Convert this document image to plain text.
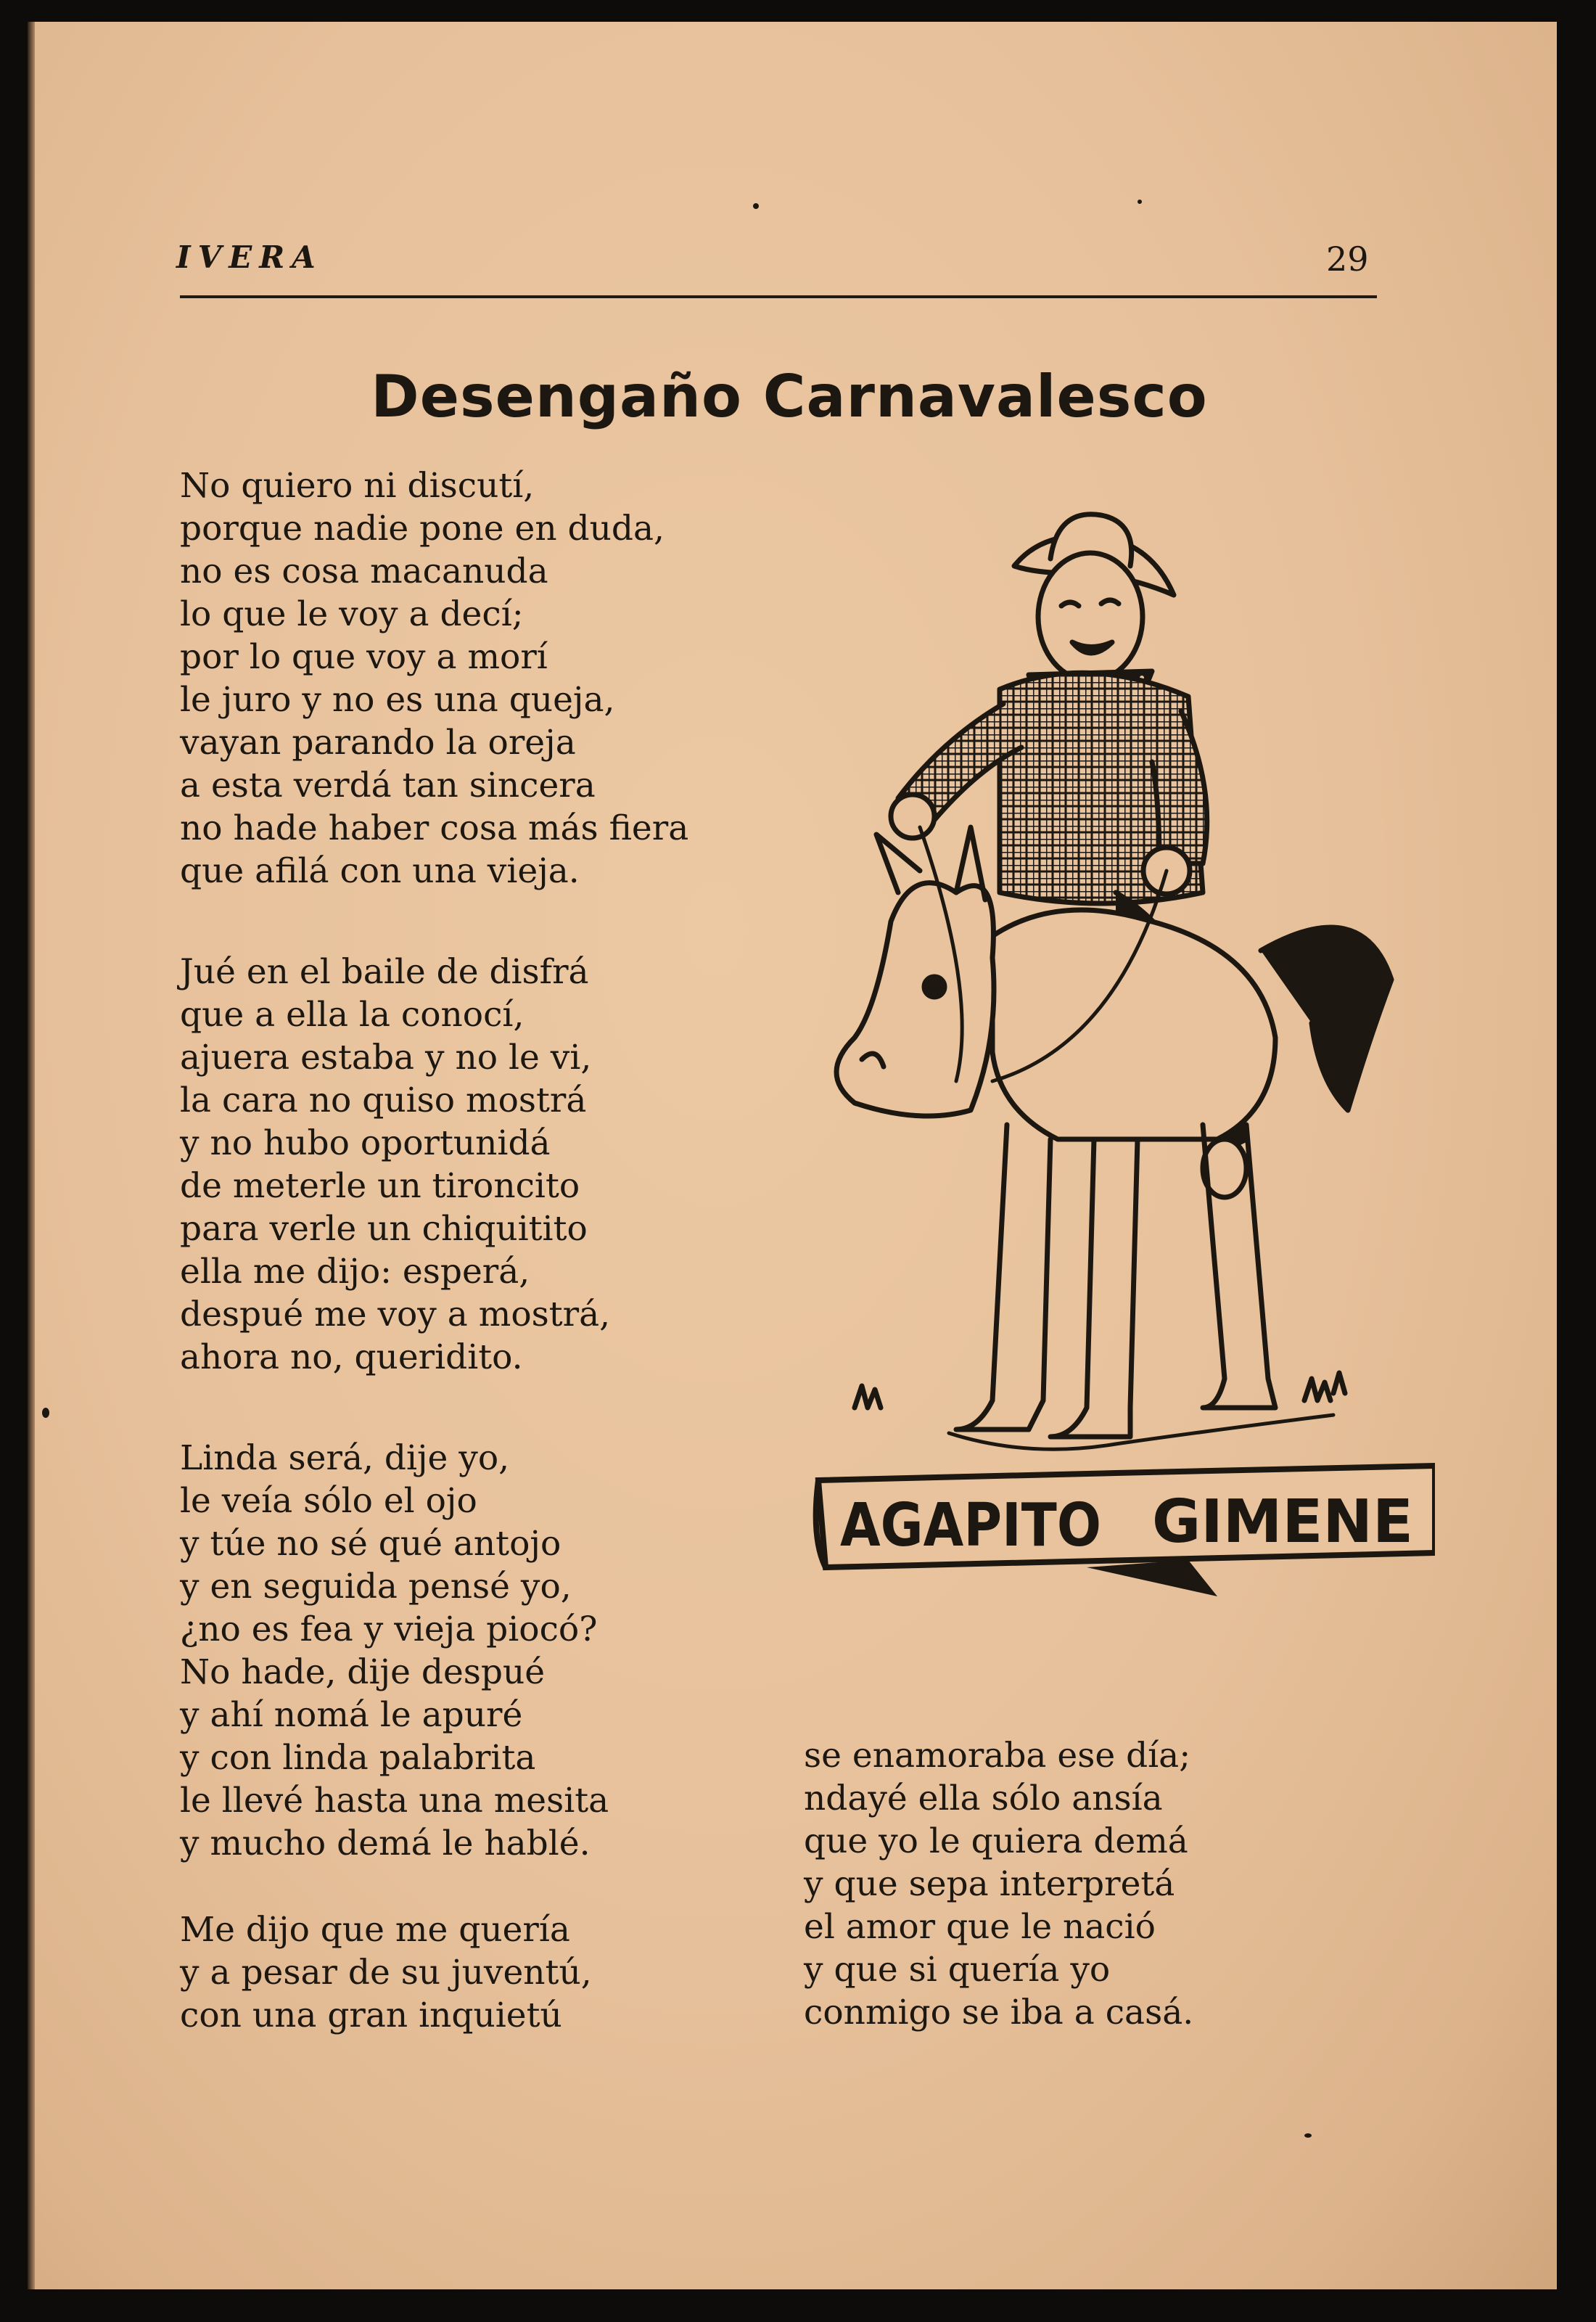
IVERA	29
Desengaño Carnavalesco
No quiero ni discutí,
porque nadie pone en duda,
no es cosa macanuda
lo que le voy a decí;
por lo que voy a morí
le juro y no es una queja,
vayan parando la oreja
a esta verdá tan sincera
no hade haber cosa más fiera
que afilá con una vieja.
Jué en el baile de disfrá
que a ella la conocí,
ajuera estaba y no le vi,
la cara no quiso mostrá
y no hubo oportunidá
de meterle un tironcito
para verle un chiquitito
ella me dijo: esperá,
despué me voy a mostrá,
ahora no, queridito.
Linda será, dije yo,
le veía sólo el ojo
y túe no sé qué antojo
y en seguida pensé yo,
¿no es fea y vieja piocó?
No hade, dije despué
y ahí nomá le apuré
y con linda palabrita
le llevé hasta una mesita
y mucho demá le hablé.
Me dijo que me quería
y a pesar de su juventú,
con una gran inquietú
se enamoraba ese día;
ndayé ella sólo ansía
que yo le quiera demá
y que sepa interpretá
el amor que le nació
y que si quería yo
conmigo se iba a casá.
AGAPITO GIMENE
